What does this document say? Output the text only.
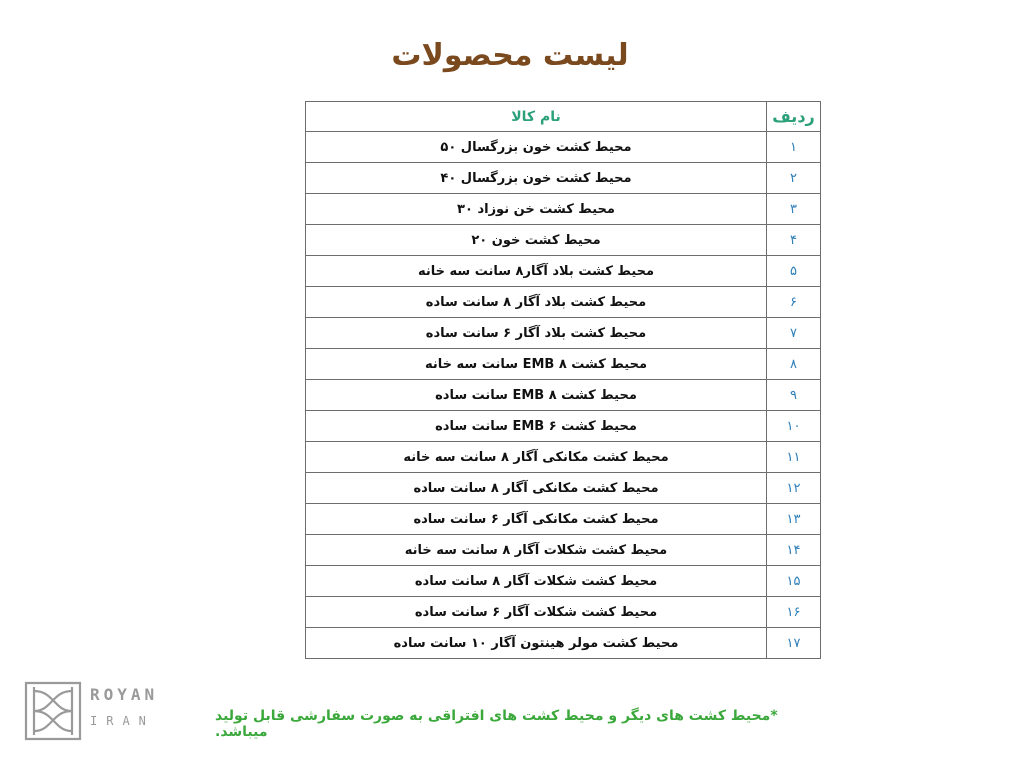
لیست محصولات
ردیف	نام کالا
۱	محیط کشت خون بزرگسال ۵۰
۲	محیط کشت خون بزرگسال ۴۰
۳	محیط کشت خن نوزاد ۳۰
۴	محیط کشت خون ۲۰
۵	محیط کشت بلاد آگار۸ سانت سه خانه
۶	محیط کشت بلاد آگار ۸ سانت ساده
۷	محیط کشت بلاد آگار ۶ سانت ساده
۸	محیط کشت EMB ۸ سانت سه خانه
۹	محیط کشت EMB ۸ سانت ساده
۱۰	محیط کشت EMB ۶ سانت ساده
۱۱	محیط کشت مکانکی آگار ۸ سانت سه خانه
۱۲	محیط کشت مکانکی آگار ۸ سانت ساده
۱۳	محیط کشت مکانکی آگار ۶ سانت ساده
۱۴	محیط کشت شکلات آگار ۸ سانت سه خانه
۱۵	محیط کشت شکلات آگار ۸ سانت ساده
۱۶	محیط کشت شکلات آگار ۶ سانت ساده
۱۷	محیط کشت مولر هینتون آگار ۱۰ سانت ساده
*محیط کشت های دیگر و محیط کشت های افتراقی به صورت سفارشی قابل تولید میباشد.
ROYAN
IRAN
